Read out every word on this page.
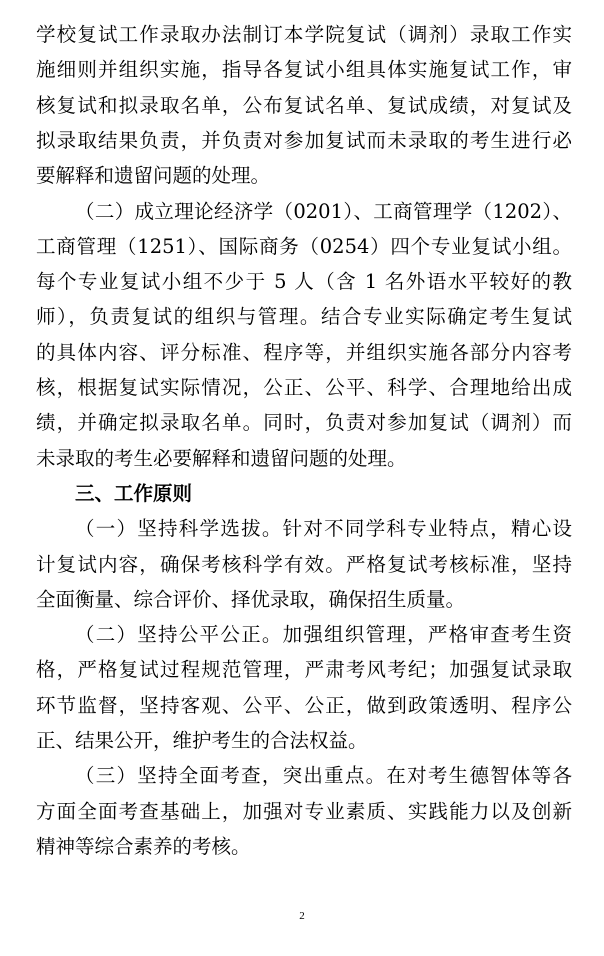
学校复试工作录取办法制订本学院复试（调剂）录取工作实
施细则并组织实施，指导各复试小组具体实施复试工作，审
核复试和拟录取名单，公布复试名单、复试成绩，对复试及
拟录取结果负责，并负责对参加复试而未录取的考生进行必
要解释和遗留问题的处理。
（二）成立理论经济学（0201）、工商管理学（1202）、
工商管理（1251）、国际商务（0254）四个专业复试小组。
每个专业复试小组不少于 5 人（含 1 名外语水平较好的教
师），负责复试的组织与管理。结合专业实际确定考生复试
的具体内容、评分标准、程序等，并组织实施各部分内容考
核，根据复试实际情况，公正、公平、科学、合理地给出成
绩，并确定拟录取名单。同时，负责对参加复试（调剂）而
未录取的考生必要解释和遗留问题的处理。
三、工作原则
（一）坚持科学选拔。针对不同学科专业特点，精心设
计复试内容，确保考核科学有效。严格复试考核标准，坚持
全面衡量、综合评价、择优录取，确保招生质量。
（二）坚持公平公正。加强组织管理，严格审查考生资
格，严格复试过程规范管理，严肃考风考纪；加强复试录取
环节监督，坚持客观、公平、公正，做到政策透明、程序公
正、结果公开，维护考生的合法权益。
（三）坚持全面考查，突出重点。在对考生德智体等各
方面全面考查基础上，加强对专业素质、实践能力以及创新
精神等综合素养的考核。
2
